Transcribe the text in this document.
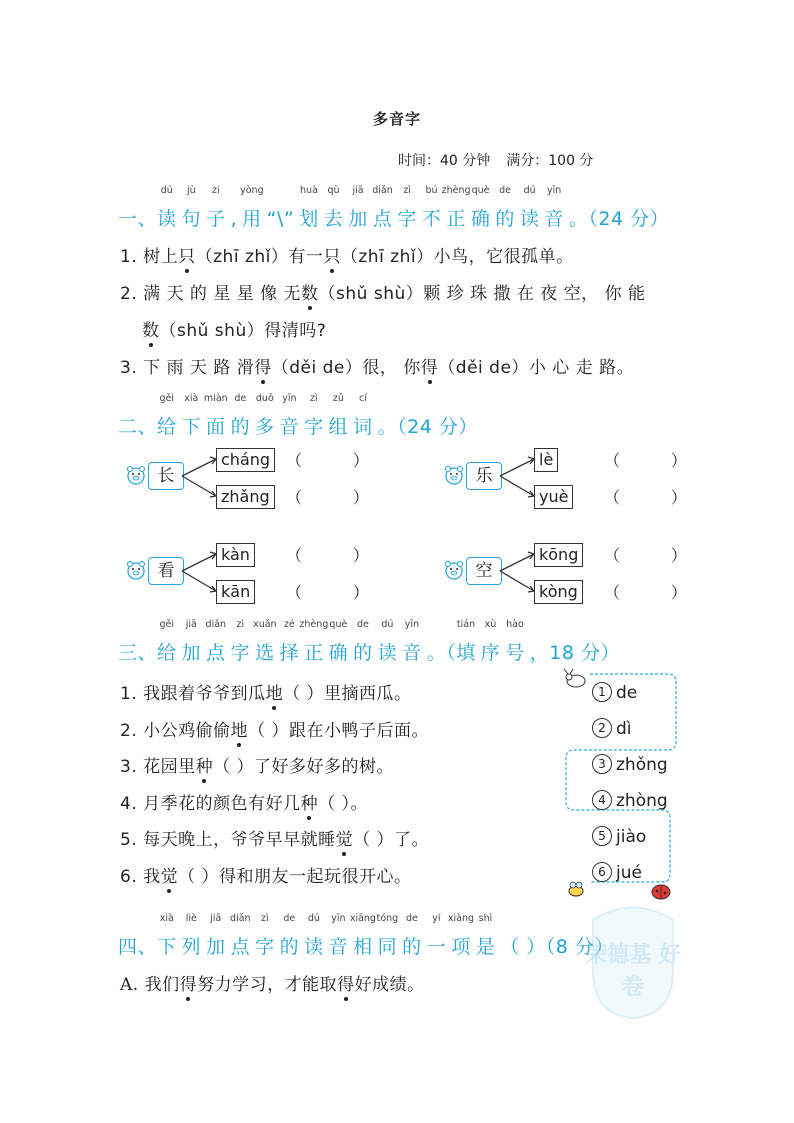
多音字
时间：40 分钟 满分：100 分
一、读
dú
句
jù
子
zi
, 用
yòng
“\” 划
huà
去
qù
加
jiā
点
diǎn
字
zì
不
bú
正
zhèng
确
què
的
de
读
dú
音
yīn
。（24 分）
1. 树上只（zhī zhǐ）有一只（zhī zhǐ）小鸟，它很孤单。
2. 满 天 的 星 星 像 无数（shǔ shù）颗 珍 珠 撒 在 夜 空， 你 能
数（shǔ shù）得清吗?
3. 下 雨 天 路 滑得（děi de）很， 你得（děi de）小 心 走 路。
二、给
gěi
下
xià
面
miàn
的
de
多
duō
音
yīn
字
zì
组
zǔ
词
cí
。（24 分）
长
cháng
zhǎng
（          ）
（          ）
乐
lè
yuè
（          ）
（          ）
看
kàn
kān
（          ）
（          ）
空
kōng
kòng
（          ）
（          ）
三、给
gěi
加
jiā
点
diǎn
字
zì
选
xuǎn
择
zé
正
zhèng
确
què
的
de
读
dú
音
yīn
。（填
tián
序
xù
号
hào
，18 分）
1. 我跟着爷爷到瓜地（ ）里摘西瓜。
2. 小公鸡偷偷地（ ）跟在小鸭子后面。
3. 花园里种（ ）了好多好多的树。
4. 月季花的颜色有好几种（ ）。
5. 每天晚上，爷爷早早就睡觉（ ）了。
6. 我觉（ ）得和朋友一起玩很开心。
1 de
2 dì
3 zhǒng
4 zhòng
5 jiào
6 jué
四、下
xià
列
liè
加
jiā
点
diǎn
字
zì
的
de
读
dú
音
yīn
相
xiāng
同
tóng
的
de
一
yí
项
xiàng
是
shì
（ ）（8 分）
A. 我们得努力学习，才能取得好成绩。
荣德基 好卷
